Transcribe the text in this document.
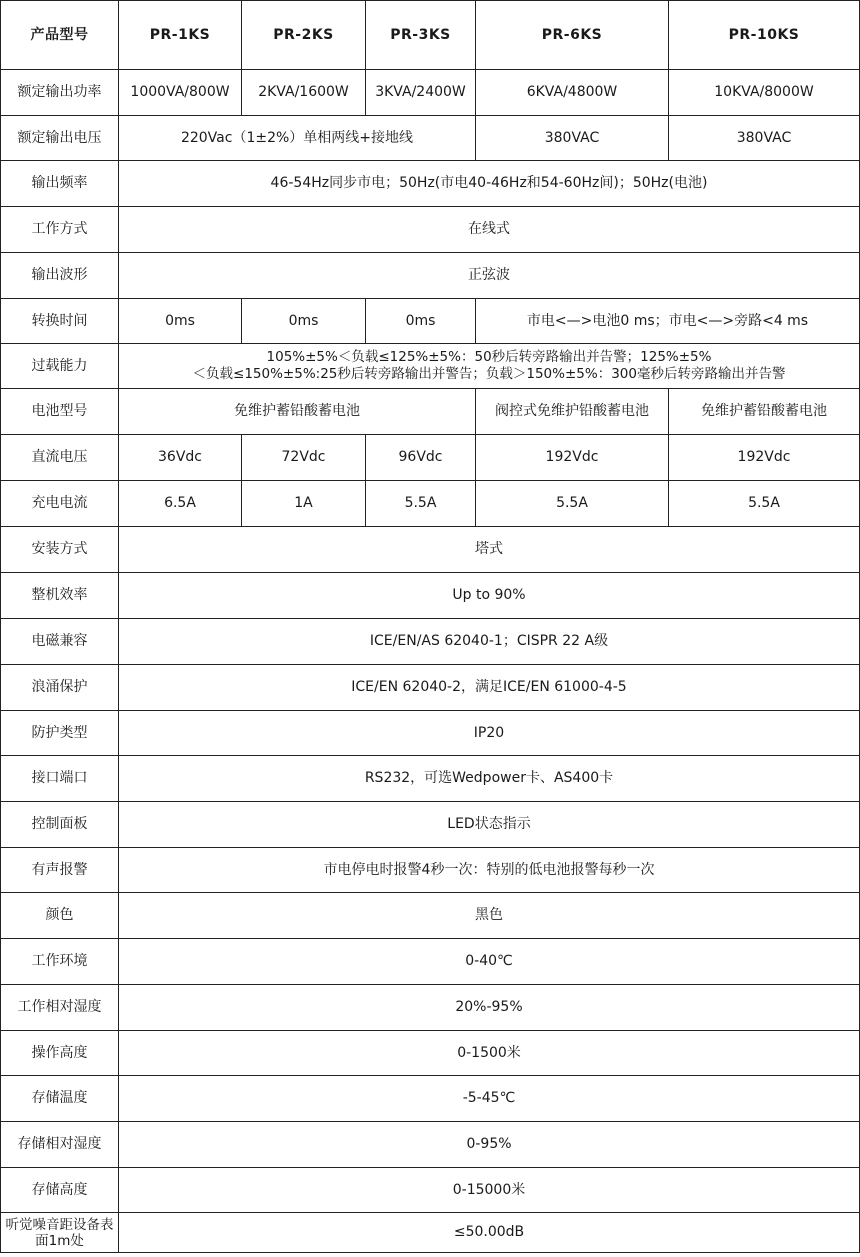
产品型号	PR-1KS	PR-2KS	PR-3KS	PR-6KS	PR-10KS
额定输出功率	1000VA/800W	2KVA/1600W	3KVA/2400W	6KVA/4800W	10KVA/8000W
额定输出电压	220Vac（1±2%）单相两线+接地线			380VAC	380VAC
输出频率	46-54Hz同步市电；50Hz(市电40-46Hz和54-60Hz间)；50Hz(电池)				
工作方式	在线式				
输出波形	正弦波				
转换时间	0ms	0ms	0ms	市电<—>电池0 ms；市电<—>旁路<4 ms	
过载能力	105%±5%＜负载≤125%±5%：50秒后转旁路输出并告警；125%±5%
＜负载≤150%±5%:25秒后转旁路输出并警告；负载＞150%±5%：300毫秒后转旁路输出并告警				

电池型号	免维护蓄铅酸蓄电池			阀控式免维护铅酸蓄电池	免维护蓄铅酸蓄电池
直流电压	36Vdc	72Vdc	96Vdc	192Vdc	192Vdc
充电电流	6.5A	1A	5.5A	5.5A	5.5A
安装方式	塔式				
整机效率	Up to 90%				
电磁兼容	ICE/EN/AS 62040-1；CISPR 22 A级				
浪涌保护	ICE/EN 62040-2，满足ICE/EN 61000-4-5				
防护类型	IP20				
接口端口	RS232，可选Wedpower卡、AS400卡				
控制面板	LED状态指示				
有声报警	市电停电时报警4秒一次：特别的低电池报警每秒一次				
颜色	黑色				
工作环境	0-40℃				
工作相对湿度	20%-95%				
操作高度	0-1500米				
存储温度	-5-45℃				
存储相对湿度	0-95%				
存储高度	0-15000米				
听觉噪音距设备表面1m处	≤50.00dB				
